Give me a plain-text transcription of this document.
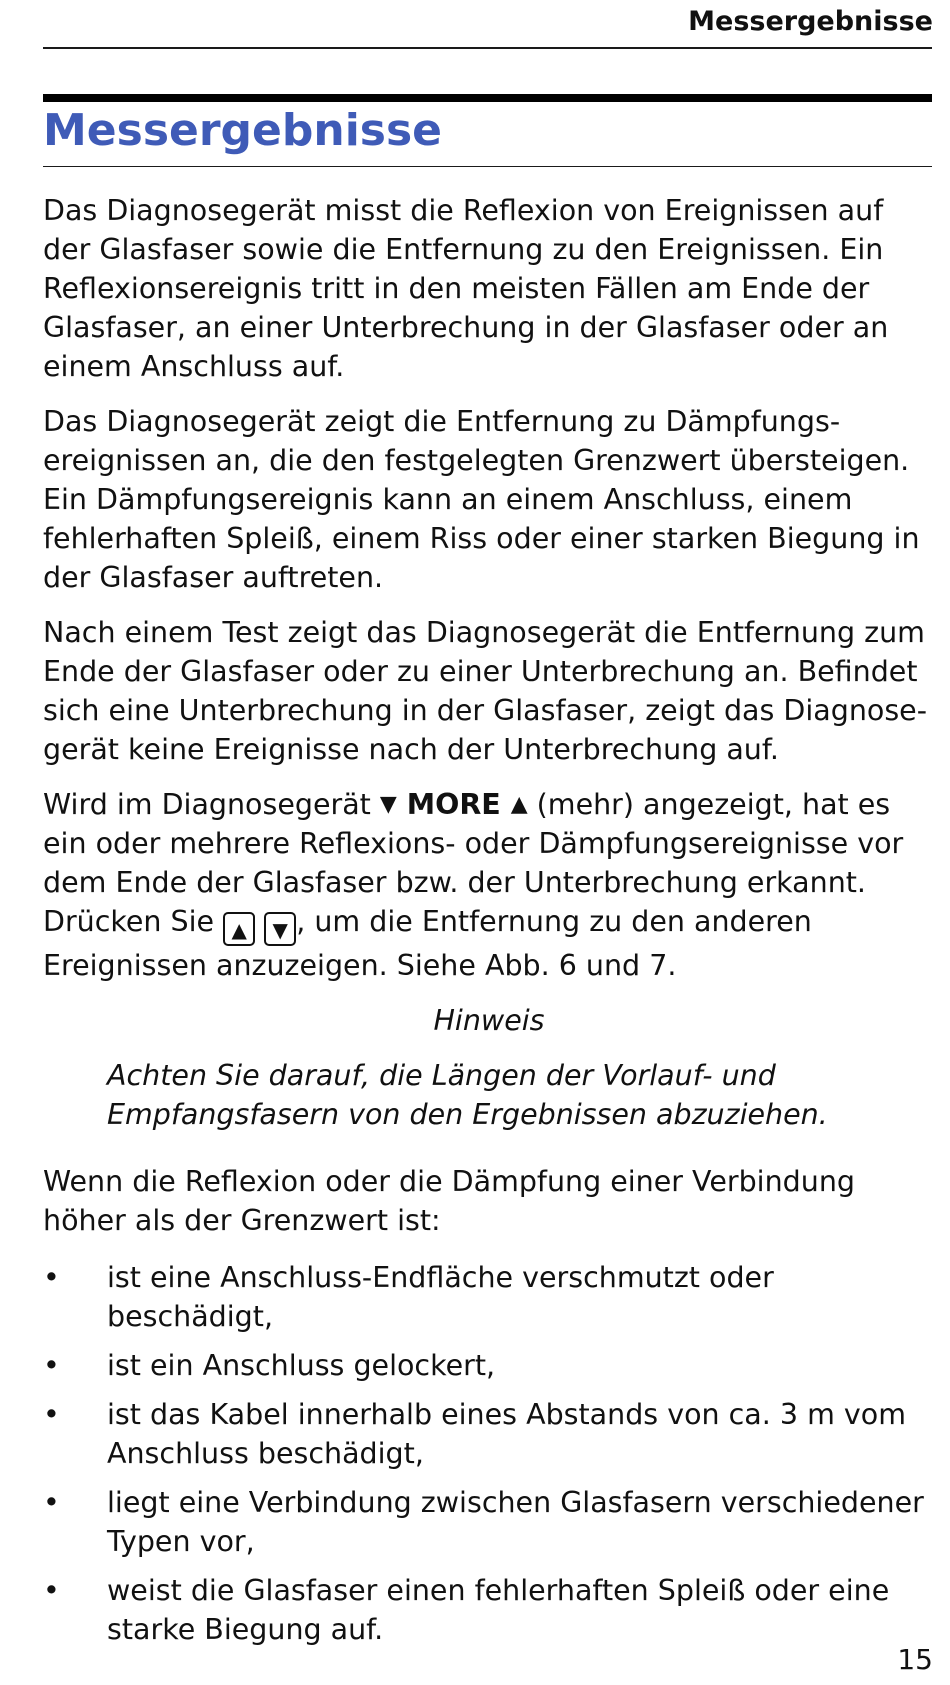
Messergebnisse
Messergebnisse

Das Diagnosegerät misst die Reflexion von Ereignissen auf der Glasfaser sowie die Entfernung zu den Ereignissen. Ein Reflexionsereignis tritt in den meisten Fällen am Ende der Glasfaser, an einer Unterbrechung in der Glasfaser oder an einem Anschluss auf.

Das Diagnosegerät zeigt die Entfernung zu Dämpfungsereignissen an, die den festgelegten Grenzwert übersteigen. Ein Dämpfungsereignis kann an einem Anschluss, einem fehlerhaften Spleiß, einem Riss oder einer starken Biegung in der Glasfaser auftreten.

Nach einem Test zeigt das Diagnosegerät die Entfernung zum Ende der Glasfaser oder zu einer Unterbrechung an. Befindet sich eine Unterbrechung in der Glasfaser, zeigt das Diagnosegerät keine Ereignisse nach der Unterbrechung auf.

Wird im Diagnosegerät ▼ MORE ▲ (mehr) angezeigt, hat es ein oder mehrere Reflexions- oder Dämpfungsereignisse vor dem Ende der Glasfaser bzw. der Unterbrechung erkannt. Drücken Sie ▲ ▼ , um die Entfernung zu den anderen Ereignissen anzuzeigen. Siehe Abb. 6 und 7.

Hinweis

Achten Sie darauf, die Längen der Vorlauf- und Empfangsfasern von den Ergebnissen abzuziehen.

Wenn die Reflexion oder die Dämpfung einer Verbindung höher als der Grenzwert ist:

• ist eine Anschluss-Endfläche verschmutzt oder beschädigt,
• ist ein Anschluss gelockert,
• ist das Kabel innerhalb eines Abstands von ca. 3 m vom Anschluss beschädigt,
• liegt eine Verbindung zwischen Glasfasern verschiedener Typen vor,
• weist die Glasfaser einen fehlerhaften Spleiß oder eine starke Biegung auf.
15
